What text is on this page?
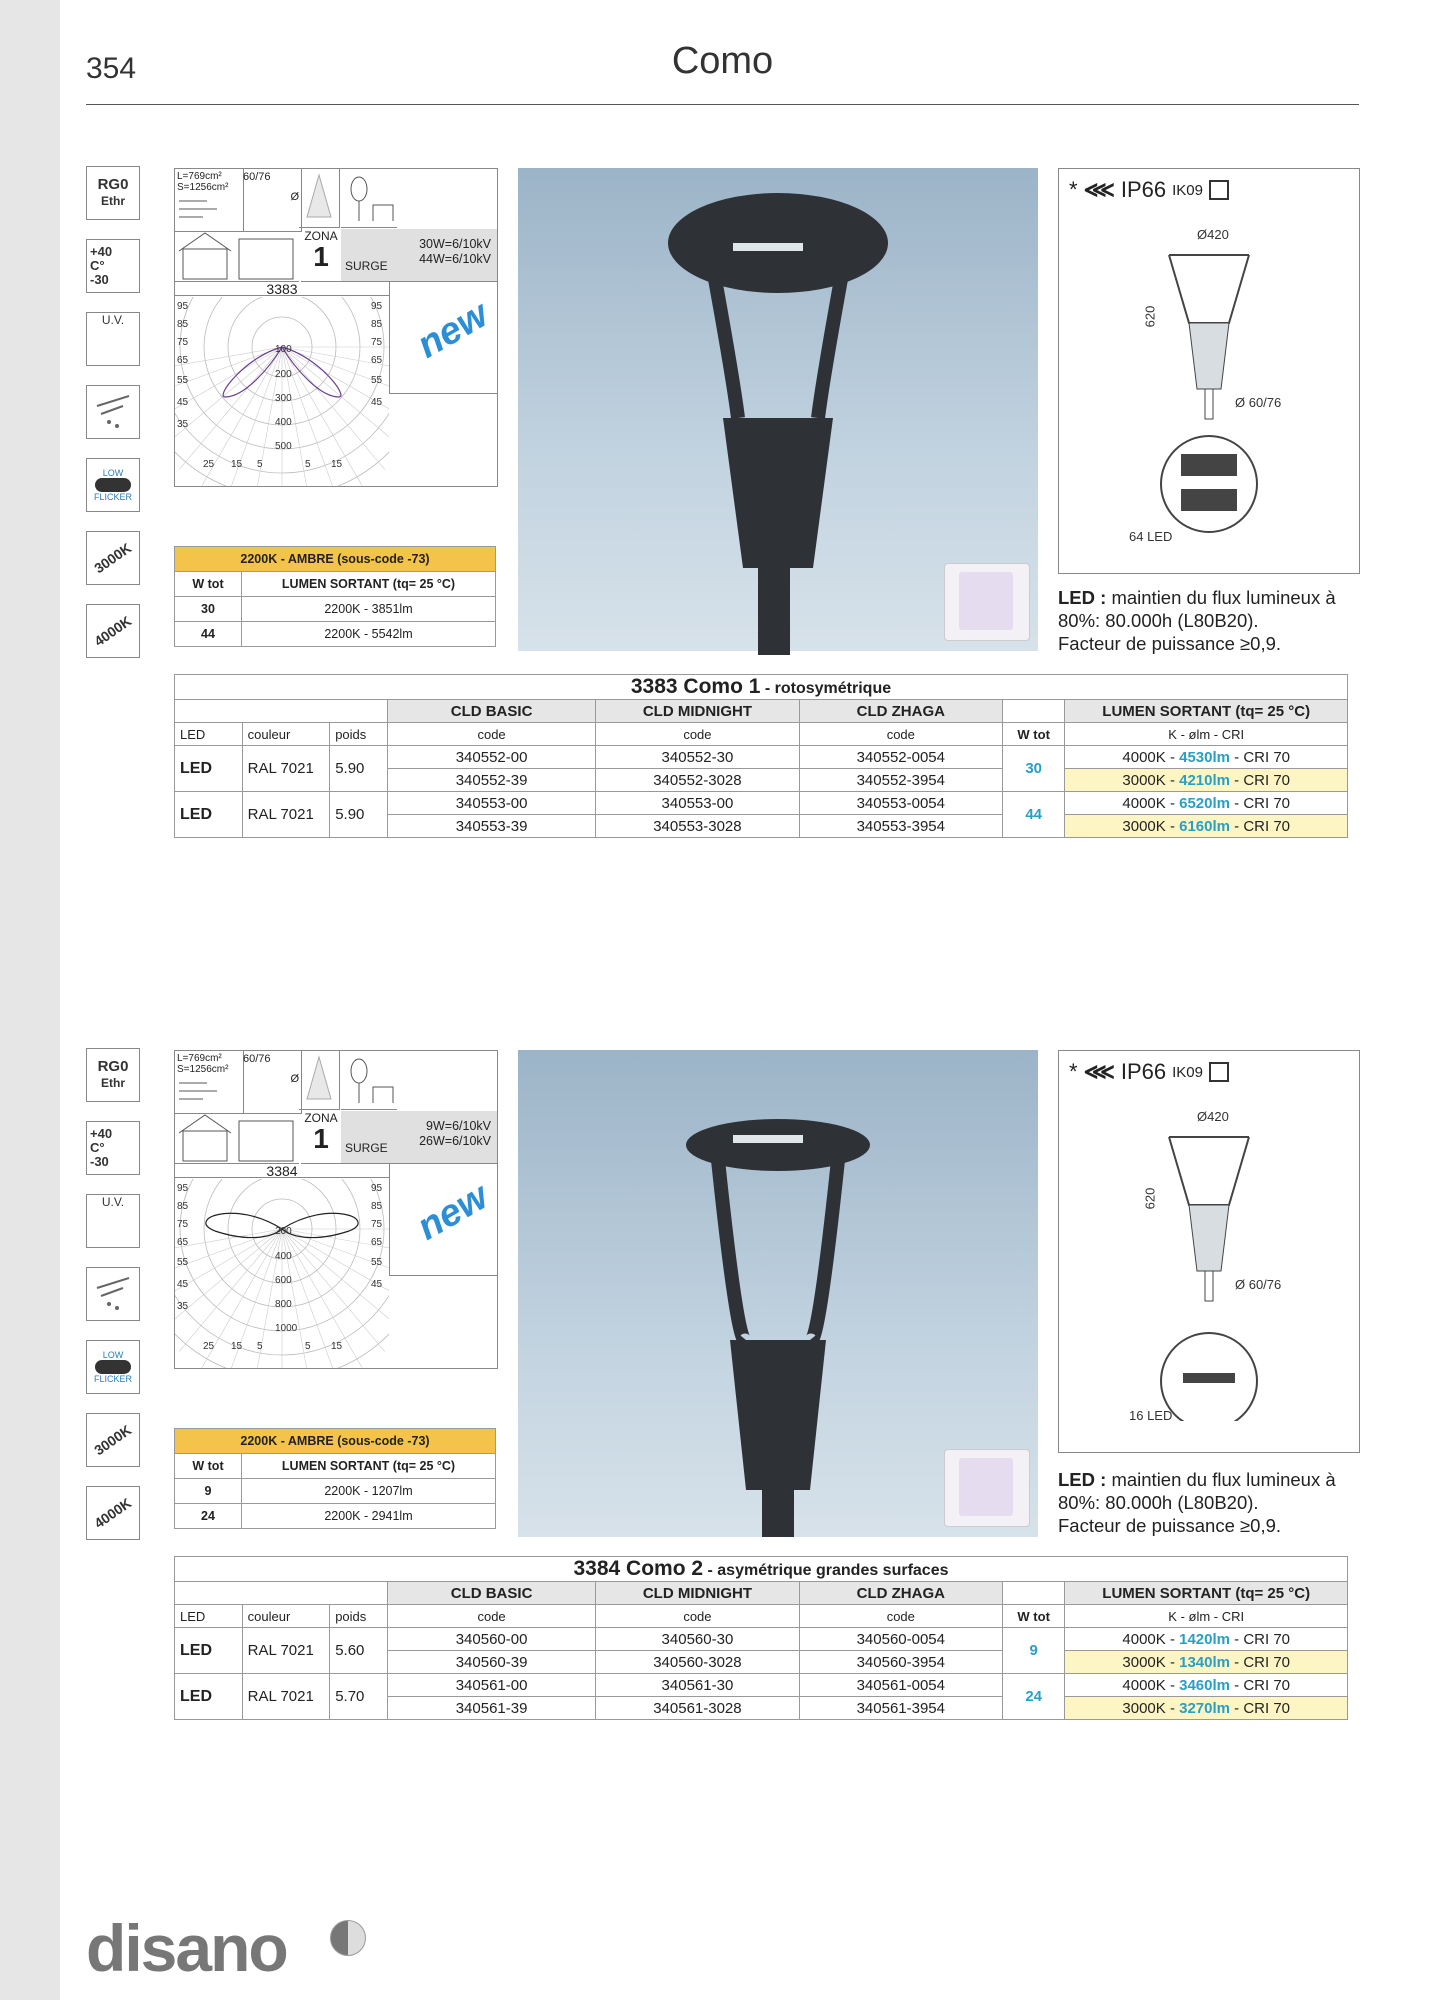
354	Como
RG0
Ethr
+40
C°
-30
U.V.
LOW
FLICKER
3000K
4000K
L=769cm²
S=1256cm²
60/76
Ø
ZONA
1	SURGE
30W=6/10kV
44W=6/10kV
3383
95
85
75
65
55
45
35
95
85
75
65
55
45
100
200
300
400
500
25 15 5	5 15
new
* ⋘ IP66 IK09
Ø420
620
Ø 60/76
64 LED
LED : maintien du flux lumineux à
80%: 80.000h (L80B20).
Facteur de puissance ≥0,9.
2200K - AMBRE (sous-code -73)	
W tot	LUMEN SORTANT (tq= 25 °C)
30	2200K - 3851lm
44	2200K - 5542lm
3383 Como 1 - rotosymétrique							
			CLD BASIC	CLD MIDNIGHT	CLD ZHAGA		LUMEN SORTANT (tq= 25 °C)
LED	couleur	poids	code	code	code	W tot	K - ølm - CRI
LED	RAL 7021	5.90	340552-00	340552-30	340552-0054	30	4000K - 4530lm - CRI 70
			340552-39	340552-3028	340552-3954		3000K - 4210lm - CRI 70
LED	RAL 7021	5.90	340553-00	340553-00	340553-0054	44	4000K - 6520lm - CRI 70
			340553-39	340553-3028	340553-3954		3000K - 6160lm - CRI 70
RG0
Ethr
+40
C°
-30
U.V.
LOW
FLICKER
3000K
4000K
L=769cm²
S=1256cm²
60/76
Ø
ZONA
1	SURGE
9W=6/10kV
26W=6/10kV
3384
95
85
75
65
55
45
35
95
85
75
65
55
45
200
400
600
800
1000
25 15 5	5 15
new
* ⋘ IP66 IK09
Ø420
620
Ø 60/76
16 LED
LED : maintien du flux lumineux à
80%: 80.000h (L80B20).
Facteur de puissance ≥0,9.
2200K - AMBRE (sous-code -73)	
W tot	LUMEN SORTANT (tq= 25 °C)
9	2200K - 1207lm
24	2200K - 2941lm
3384 Como 2 - asymétrique grandes surfaces							
			CLD BASIC	CLD MIDNIGHT	CLD ZHAGA		LUMEN SORTANT (tq= 25 °C)
LED	couleur	poids	code	code	code	W tot	K - ølm - CRI
LED	RAL 7021	5.60	340560-00	340560-30	340560-0054	9	4000K - 1420lm - CRI 70
			340560-39	340560-3028	340560-3954		3000K - 1340lm - CRI 70
LED	RAL 7021	5.70	340561-00	340561-30	340561-0054	24	4000K - 3460lm - CRI 70
			340561-39	340561-3028	340561-3954		3000K - 3270lm - CRI 70
disano
